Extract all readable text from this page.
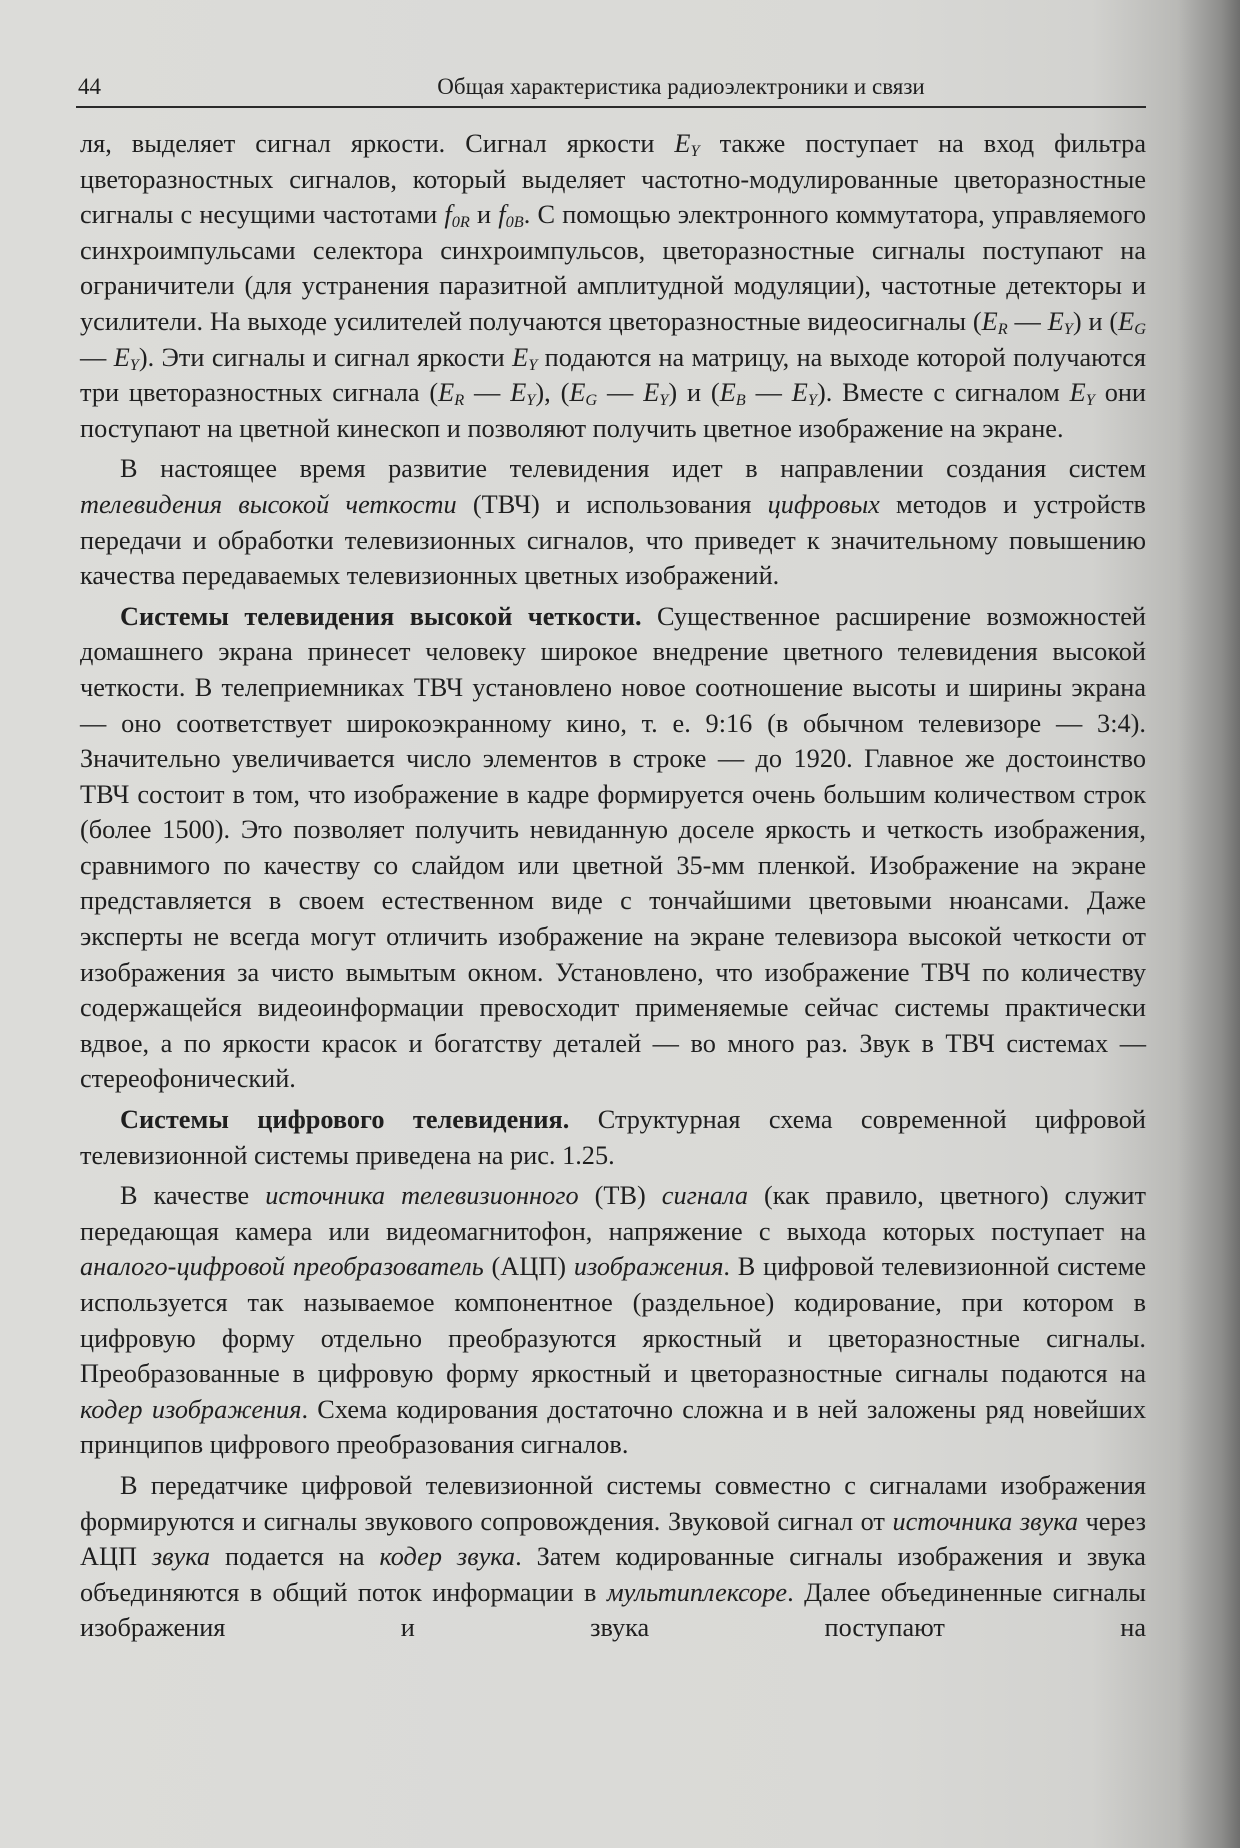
44	Общая характеристика радиоэлектроники и связи

ля, выделяет сигнал яркости. Сигнал яркости $E_Y$ также поступает на вход фильтра цветоразностных сигналов, который выделяет частотно-модулированные цветоразностные сигналы с несущими частотами $f_{0R}$ и $f_{0B}$. С помощью электронного коммутатора, управляемого синхроимпульсами селектора синхроимпульсов, цветоразностные сигналы поступают на ограничители (для устранения паразитной амплитудной модуляции), частотные детекторы и усилители. На выходе усилителей получаются цветоразностные видеосигналы ($E_R$ — $E_Y$) и ($E_G$ — $E_Y$). Эти сигналы и сигнал яркости $E_Y$ подаются на матрицу, на выходе которой получаются три цветоразностных сигнала ($E_R$ — $E_Y$), ($E_G$ — $E_Y$) и ($E_B$ — $E_Y$). Вместе с сигналом $E_Y$ они поступают на цветной кинескоп и позволяют получить цветное изображение на экране.

В настоящее время развитие телевидения идет в направлении создания систем телевидения высокой четкости (ТВЧ) и использования цифровых методов и устройств передачи и обработки телевизионных сигналов, что приведет к значительному повышению качества передаваемых телевизионных цветных изображений.

Системы телевидения высокой четкости. Существенное расширение возможностей домашнего экрана принесет человеку широкое внедрение цветного телевидения высокой четкости. В телеприемниках ТВЧ установлено новое соотношение высоты и ширины экрана — оно соответствует широкоэкранному кино, т. е. 9:16 (в обычном телевизоре — 3:4). Значительно увеличивается число элементов в строке — до 1920. Главное же достоинство ТВЧ состоит в том, что изображение в кадре формируется очень большим количеством строк (более 1500). Это позволяет получить невиданную доселе яркость и четкость изображения, сравнимого по качеству со слайдом или цветной 35-мм пленкой. Изображение на экране представляется в своем естественном виде с тончайшими цветовыми нюансами. Даже эксперты не всегда могут отличить изображение на экране телевизора высокой четкости от изображения за чисто вымытым окном. Установлено, что изображение ТВЧ по количеству содержащейся видеоинформации превосходит применяемые сейчас системы практически вдвое, а по яркости красок и богатству деталей — во много раз. Звук в ТВЧ системах — стереофонический.

Системы цифрового телевидения. Структурная схема современной цифровой телевизионной системы приведена на рис. 1.25.

В качестве источника телевизионного (ТВ) сигнала (как правило, цветного) служит передающая камера или видеомагнитофон, напряжение с выхода которых поступает на аналого-цифровой преобразователь (АЦП) изображения. В цифровой телевизионной системе используется так называемое компонентное (раздельное) кодирование, при котором в цифровую форму отдельно преобразуются яркостный и цветоразностные сигналы. Преобразованные в цифровую форму яркостный и цветоразностные сигналы подаются на кодер изображения. Схема кодирования достаточно сложна и в ней заложены ряд новейших принципов цифрового преобразования сигналов.

В передатчике цифровой телевизионной системы совместно с сигналами изображения формируются и сигналы звукового сопровождения. Звуковой сигнал от источника звука через АЦП звука подается на кодер звука. Затем кодированные сигналы изображения и звука объединяются в общий поток информации в мультиплексоре. Далее объединенные сигналы изображения и звука поступают на
